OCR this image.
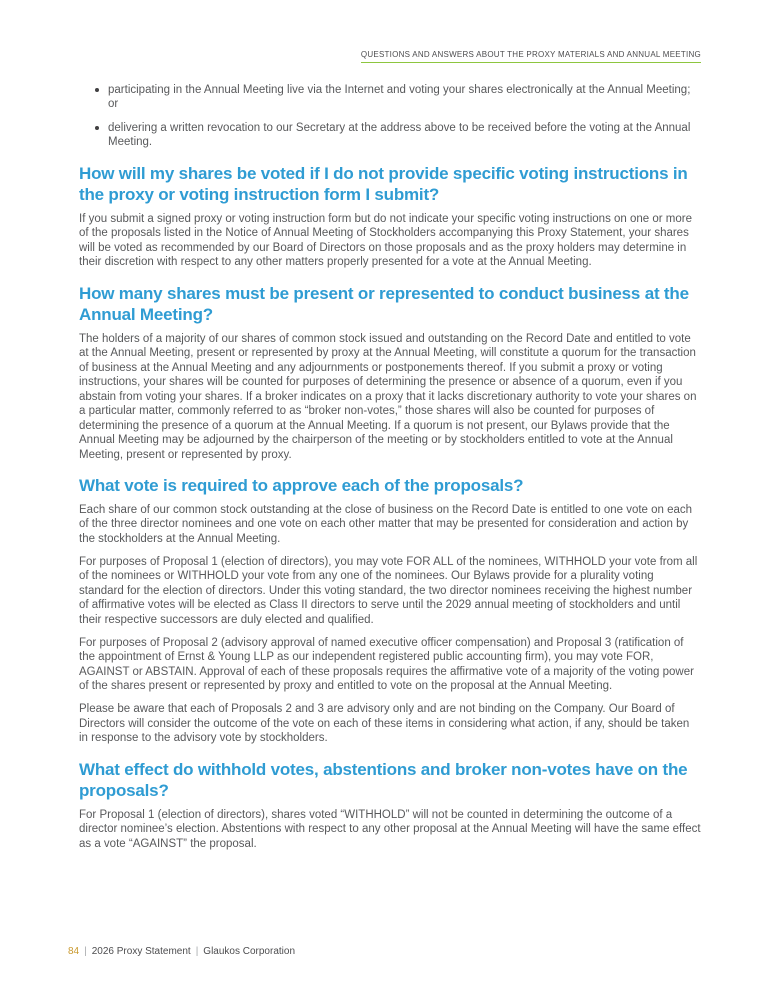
QUESTIONS AND ANSWERS ABOUT THE PROXY MATERIALS AND ANNUAL MEETING
participating in the Annual Meeting live via the Internet and voting your shares electronically at the Annual Meeting; or
delivering a written revocation to our Secretary at the address above to be received before the voting at the Annual Meeting.
How will my shares be voted if I do not provide specific voting instructions in the proxy or voting instruction form I submit?

If you submit a signed proxy or voting instruction form but do not indicate your specific voting instructions on one or more of the proposals listed in the Notice of Annual Meeting of Stockholders accompanying this Proxy Statement, your shares will be voted as recommended by our Board of Directors on those proposals and as the proxy holders may determine in their discretion with respect to any other matters properly presented for a vote at the Annual Meeting.

How many shares must be present or represented to conduct business at the Annual Meeting?

The holders of a majority of our shares of common stock issued and outstanding on the Record Date and entitled to vote at the Annual Meeting, present or represented by proxy at the Annual Meeting, will constitute a quorum for the transaction of business at the Annual Meeting and any adjournments or postponements thereof. If you submit a proxy or voting instructions, your shares will be counted for purposes of determining the presence or absence of a quorum, even if you abstain from voting your shares. If a broker indicates on a proxy that it lacks discretionary authority to vote your shares on a particular matter, commonly referred to as “broker non-votes,” those shares will also be counted for purposes of determining the presence of a quorum at the Annual Meeting. If a quorum is not present, our Bylaws provide that the Annual Meeting may be adjourned by the chairperson of the meeting or by stockholders entitled to vote at the Annual Meeting, present or represented by proxy.

What vote is required to approve each of the proposals?

Each share of our common stock outstanding at the close of business on the Record Date is entitled to one vote on each of the three director nominees and one vote on each other matter that may be presented for consideration and action by the stockholders at the Annual Meeting.

For purposes of Proposal 1 (election of directors), you may vote FOR ALL of the nominees, WITHHOLD your vote from all of the nominees or WITHHOLD your vote from any one of the nominees. Our Bylaws provide for a plurality voting standard for the election of directors. Under this voting standard, the two director nominees receiving the highest number of affirmative votes will be elected as Class II directors to serve until the 2029 annual meeting of stockholders and until their respective successors are duly elected and qualified.

For purposes of Proposal 2 (advisory approval of named executive officer compensation) and Proposal 3 (ratification of the appointment of Ernst & Young LLP as our independent registered public accounting firm), you may vote FOR, AGAINST or ABSTAIN. Approval of each of these proposals requires the affirmative vote of a majority of the voting power of the shares present or represented by proxy and entitled to vote on the proposal at the Annual Meeting.

Please be aware that each of Proposals 2 and 3 are advisory only and are not binding on the Company. Our Board of Directors will consider the outcome of the vote on each of these items in considering what action, if any, should be taken in response to the advisory vote by stockholders.

What effect do withhold votes, abstentions and broker non-votes have on the proposals?

For Proposal 1 (election of directors), shares voted “WITHHOLD” will not be counted in determining the outcome of a director nominee’s election. Abstentions with respect to any other proposal at the Annual Meeting will have the same effect as a vote “AGAINST” the proposal.

84 | 2026 Proxy Statement | Glaukos Corporation
